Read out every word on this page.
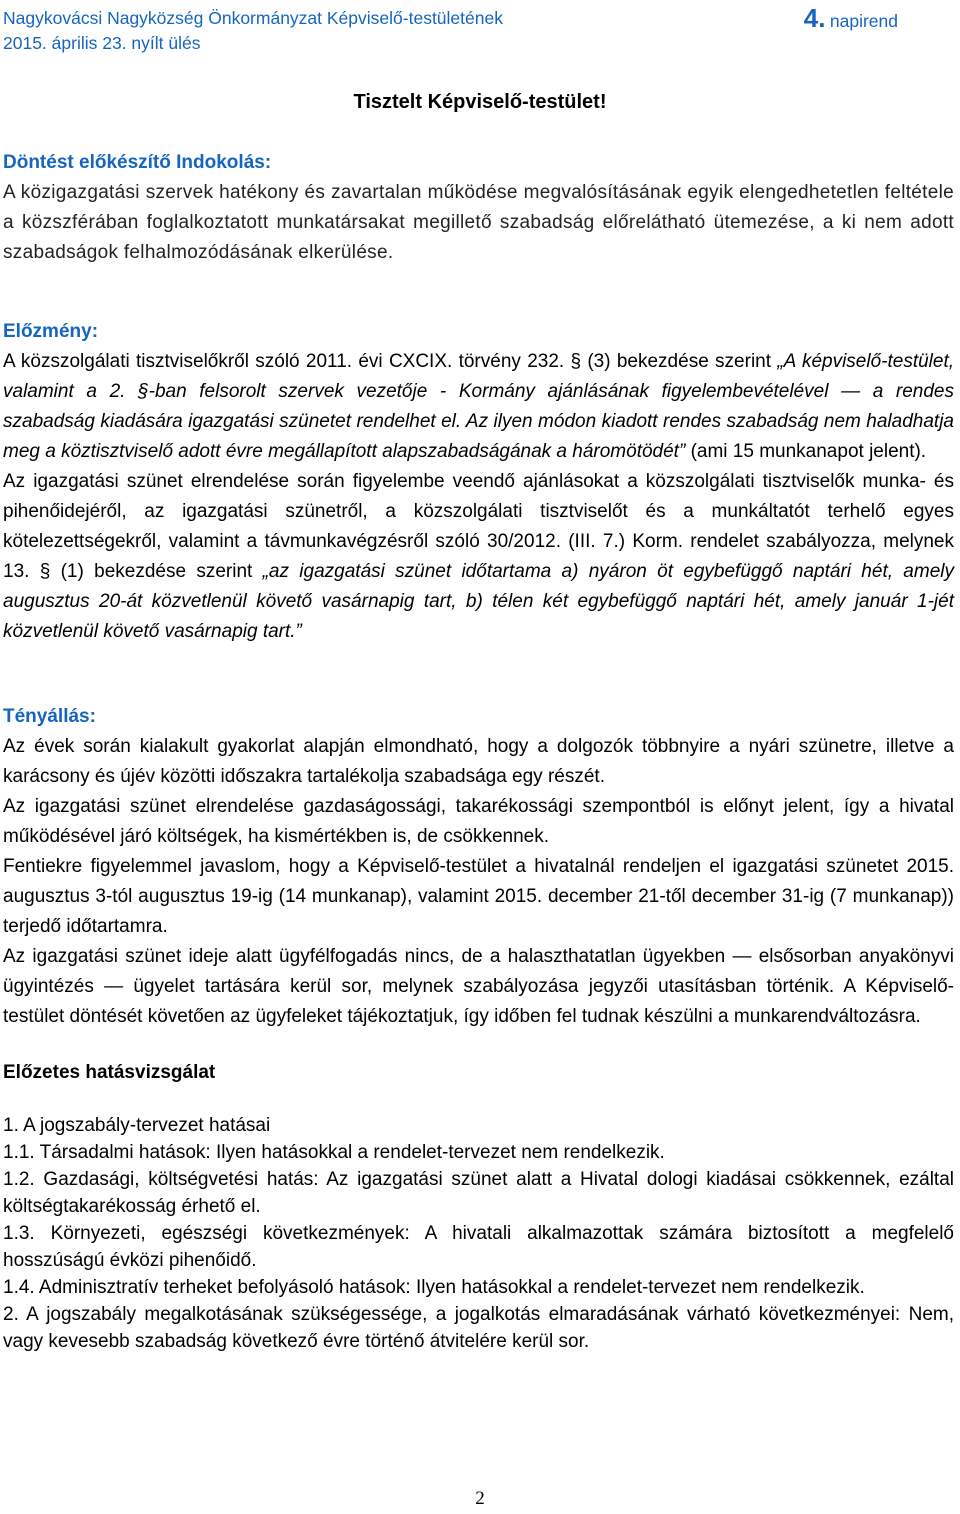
Nagykovácsi Nagyközség Önkormányzat Képviselő-testületének
2015. április 23. nyílt ülés
4. napirend
Tisztelt Képviselő-testület!
Döntést előkészítő Indokolás:

A közigazgatási szervek hatékony és zavartalan működése megvalósításának egyik elengedhetetlen feltétele a közszférában foglalkoztatott munkatársakat megillető szabadság előrelátható ütemezése, a ki nem adott szabadságok felhalmozódásának elkerülése.

Előzmény:

A közszolgálati tisztviselőkről szóló 2011. évi CXCIX. törvény 232. § (3) bekezdése szerint „A képviselő-testület, valamint a 2. §-ban felsorolt szervek vezetője - Kormány ajánlásának figyelembevételével ― a rendes szabadság kiadására igazgatási szünetet rendelhet el. Az ilyen módon kiadott rendes szabadság nem haladhatja meg a köztisztviselő adott évre megállapított alapszabadságának a háromötödét” (ami 15 munkanapot jelent).

Az igazgatási szünet elrendelése során figyelembe veendő ajánlásokat a közszolgálati tisztviselők munka- és pihenőidejéről, az igazgatási szünetről, a közszolgálati tisztviselőt és a munkáltatót terhelő egyes kötelezettségekről, valamint a távmunkavégzésről szóló 30/2012. (III. 7.) Korm. rendelet szabályozza, melynek 13. § (1) bekezdése szerint „az igazgatási szünet időtartama a) nyáron öt egybefüggő naptári hét, amely augusztus 20-át közvetlenül követő vasárnapig tart, b) télen két egybefüggő naptári hét, amely január 1-jét közvetlenül követő vasárnapig tart.”

Tényállás:

Az évek során kialakult gyakorlat alapján elmondható, hogy a dolgozók többnyire a nyári szünetre, illetve a karácsony és újév közötti időszakra tartalékolja szabadsága egy részét.

Az igazgatási szünet elrendelése gazdaságossági, takarékossági szempontból is előnyt jelent, így a hivatal működésével járó költségek, ha kismértékben is, de csökkennek.

Fentiekre figyelemmel javaslom, hogy a Képviselő-testület a hivatalnál rendeljen el igazgatási szünetet 2015. augusztus 3-tól augusztus 19-ig (14 munkanap), valamint 2015. december 21-től december 31-ig (7 munkanap)) terjedő időtartamra.

Az igazgatási szünet ideje alatt ügyfélfogadás nincs, de a halaszthatatlan ügyekben ― elsősorban anyakönyvi ügyintézés ― ügyelet tartására kerül sor, melynek szabályozása jegyzői utasításban történik. A Képviselő-testület döntését követően az ügyfeleket tájékoztatjuk, így időben fel tudnak készülni a munkarendváltozásra.

Előzetes hatásvizsgálat

1. A jogszabály-tervezet hatásai

1.1. Társadalmi hatások: Ilyen hatásokkal a rendelet-tervezet nem rendelkezik.

1.2. Gazdasági, költségvetési hatás: Az igazgatási szünet alatt a Hivatal dologi kiadásai csökkennek, ezáltal költségtakarékosság érhető el.

1.3. Környezeti, egészségi következmények: A hivatali alkalmazottak számára biztosított a megfelelő hosszúságú évközi pihenőidő.

1.4. Adminisztratív terheket befolyásoló hatások: Ilyen hatásokkal a rendelet-tervezet nem rendelkezik.

2. A jogszabály megalkotásának szükségessége, a jogalkotás elmaradásának várható következményei: Nem, vagy kevesebb szabadság következő évre történő átvitelére kerül sor.

2
